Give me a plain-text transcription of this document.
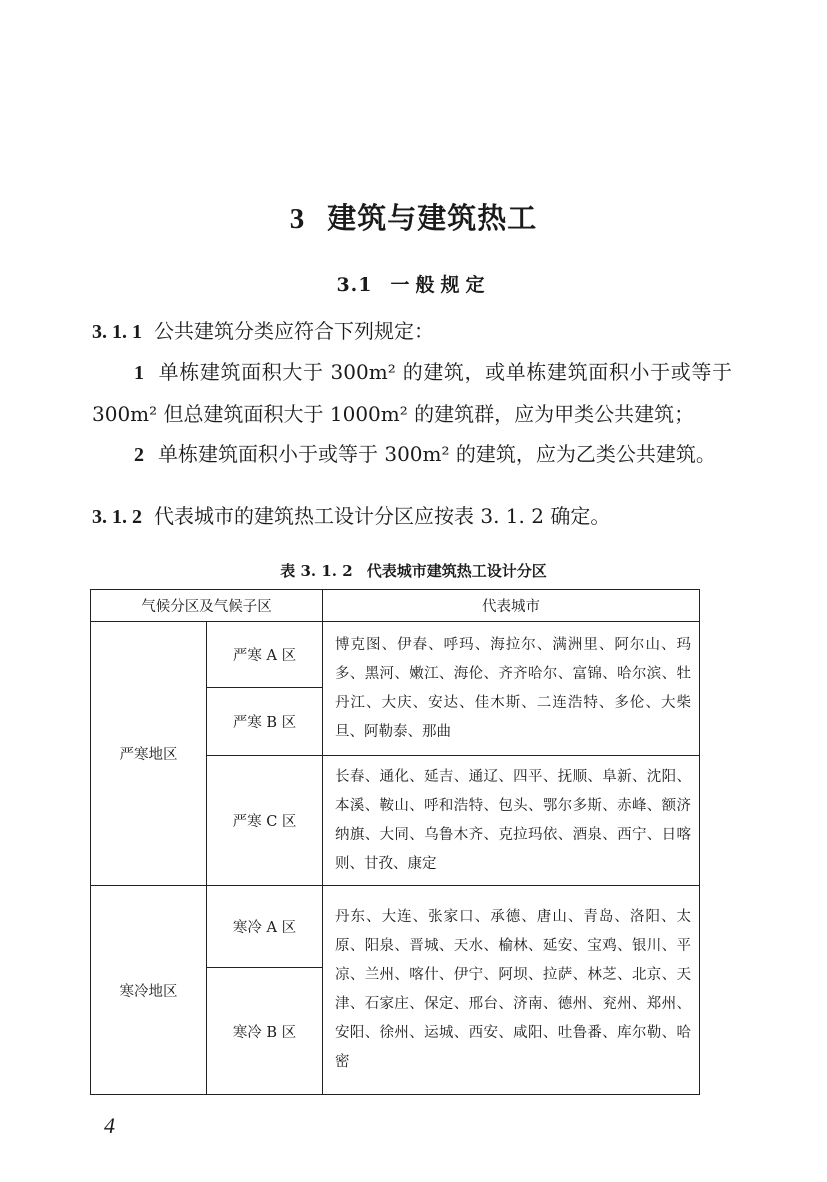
3 建筑与建筑热工
3.1 一般规定
3. 1. 1 公共建筑分类应符合下列规定：
1 单栋建筑面积大于 300m² 的建筑，或单栋建筑面积小于或等于 300m² 但总建筑面积大于 1000m² 的建筑群，应为甲类公共建筑；
2 单栋建筑面积小于或等于 300m² 的建筑，应为乙类公共建筑。
3. 1. 2 代表城市的建筑热工设计分区应按表 3. 1. 2 确定。
表 3. 1. 2 代表城市建筑热工设计分区
气候分区及气候子区		代表城市
严寒地区	严寒 A 区	博克图、伊春、呼玛、海拉尔、满洲里、阿尔山、玛多、黑河、嫩江、海伦、齐齐哈尔、富锦、哈尔滨、牡丹江、大庆、安达、佳木斯、二连浩特、多伦、大柴旦、阿勒泰、那曲
	严寒 B 区	
	严寒 C 区	长春、通化、延吉、通辽、四平、抚顺、阜新、沈阳、本溪、鞍山、呼和浩特、包头、鄂尔多斯、赤峰、额济纳旗、大同、乌鲁木齐、克拉玛依、酒泉、西宁、日喀则、甘孜、康定
寒冷地区	寒冷 A 区	丹东、大连、张家口、承德、唐山、青岛、洛阳、太原、阳泉、晋城、天水、榆林、延安、宝鸡、银川、平凉、兰州、喀什、伊宁、阿坝、拉萨、林芝、北京、天津、石家庄、保定、邢台、济南、德州、兖州、郑州、安阳、徐州、运城、西安、咸阳、吐鲁番、库尔勒、哈密
	寒冷 B 区	
4
